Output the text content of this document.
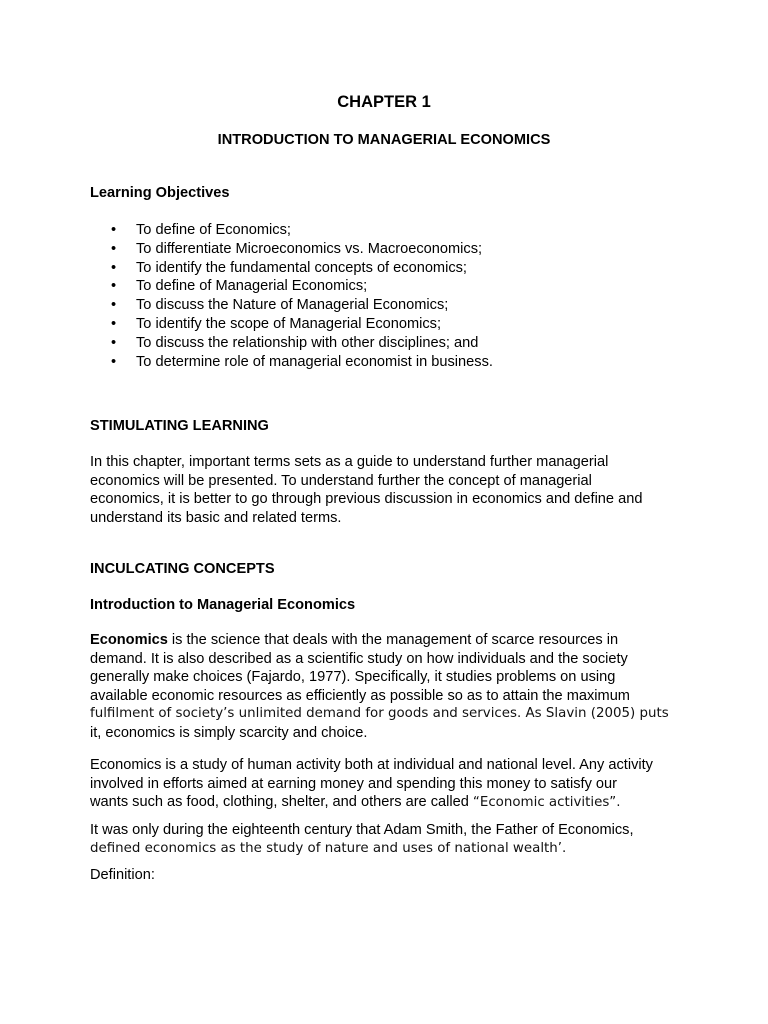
CHAPTER 1
INTRODUCTION TO MANAGERIAL ECONOMICS
Learning Objectives
• To define of Economics;
• To differentiate Microeconomics vs. Macroeconomics;
• To identify the fundamental concepts of economics;
• To define of Managerial Economics;
• To discuss the Nature of Managerial Economics;
• To identify the scope of Managerial Economics;
• To discuss the relationship with other disciplines; and
• To determine role of managerial economist in business.
STIMULATING LEARNING
In this chapter, important terms sets as a guide to understand further managerial
economics will be presented. To understand further the concept of managerial
economics, it is better to go through previous discussion in economics and define and
understand its basic and related terms.
INCULCATING CONCEPTS
Introduction to Managerial Economics
Economics is the science that deals with the management of scarce resources in
demand. It is also described as a scientific study on how individuals and the society
generally make choices (Fajardo, 1977). Specifically, it studies problems on using
available economic resources as efficiently as possible so as to attain the maximum
fulfilment of society’s unlimited demand for goods and services. As Slavin (2005) puts
it, economics is simply scarcity and choice.
Economics is a study of human activity both at individual and national level. Any activity
involved in efforts aimed at earning money and spending this money to satisfy our
wants such as food, clothing, shelter, and others are called “Economic activities”.
It was only during the eighteenth century that Adam Smith, the Father of Economics,
defined economics as the study of nature and uses of national wealth’.
Definition:
